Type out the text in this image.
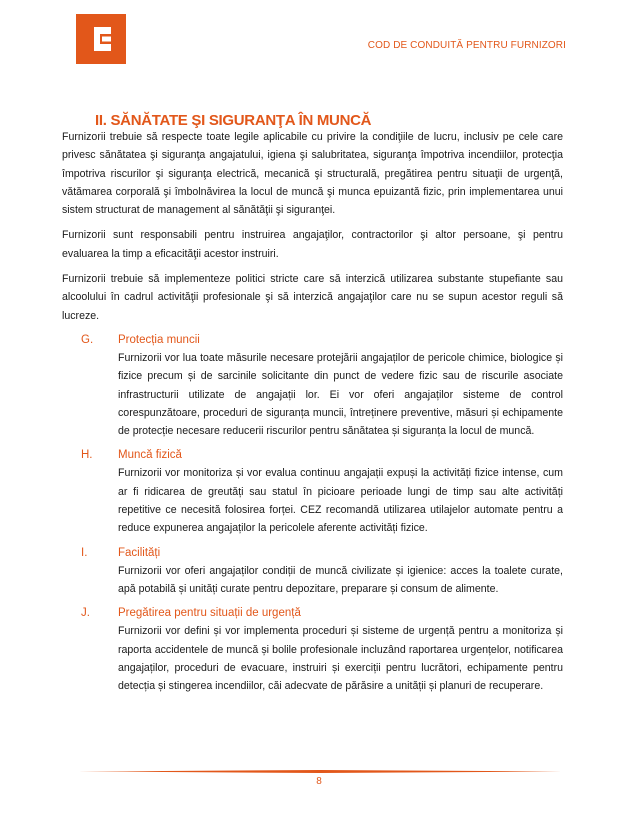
COD DE CONDUITĂ PENTRU FURNIZORI
II. SĂNĂTATE ŞI SIGURANŢA ÎN MUNCĂ

Furnizorii trebuie să respecte toate legile aplicabile cu privire la condiţiile de lucru, inclusiv pe cele care privesc sănătatea şi siguranţa angajatului, igiena şi salubritatea, siguranţa împotriva incendiilor, protecţia împotriva riscurilor şi siguranţa electrică, mecanică şi structurală, pregătirea pentru situaţii de urgenţă, vătămarea corporală şi îmbolnăvirea la locul de muncă şi munca epuizantă fizic, prin implementarea unui sistem structurat de management al sănătăţii şi siguranţei.

Furnizorii sunt responsabili pentru instruirea angajaţilor, contractorilor şi altor persoane, şi pentru evaluarea la timp a eficacităţii acestor instruiri.

Furnizorii trebuie să implementeze politici stricte care să interzică utilizarea substante stupefiante sau alcoolului în cadrul activităţii profesionale şi să interzică angajaţilor care nu se supun acestor reguli să lucreze.

G. Protecția muncii
Furnizorii vor lua toate măsurile necesare protejării angajaților de pericole chimice, biologice și fizice precum și de sarcinile solicitante din punct de vedere fizic sau de riscurile asociate infrastructurii utilizate de angajații lor. Ei vor oferi angajaților sisteme de control corespunzătoare, proceduri de siguranța muncii, întreținere preventive, măsuri și echipamente de protecție necesare reducerii riscurilor pentru sănătatea și siguranța la locul de muncă.
H. Muncă fizică
Furnizorii vor monitoriza și vor evalua continuu angajații expuși la activități fizice intense, cum ar fi ridicarea de greutăți sau statul în picioare perioade lungi de timp sau alte activități repetitive ce necesită folosirea forței. CEZ recomandă utilizarea utilajelor automate pentru a reduce expunerea angajaților la pericolele aferente activități fizice.
I.	Facilități
Furnizorii vor oferi angajaților condiții de muncă civilizate și igienice: acces la toalete curate, apă potabilă și unități curate pentru depozitare, preparare și consum de alimente.
J. Pregătirea pentru situații de urgență
Furnizorii vor defini și vor implementa proceduri și sisteme de urgență pentru a monitoriza și raporta accidentele de muncă și bolile profesionale incluzând raportarea urgențelor, notificarea angajaților, proceduri de evacuare, instruiri și exerciții pentru lucrători, echipamente pentru detecția și stingerea incendiilor, căi adecvate de părăsire a unității și planuri de recuperare.
8
